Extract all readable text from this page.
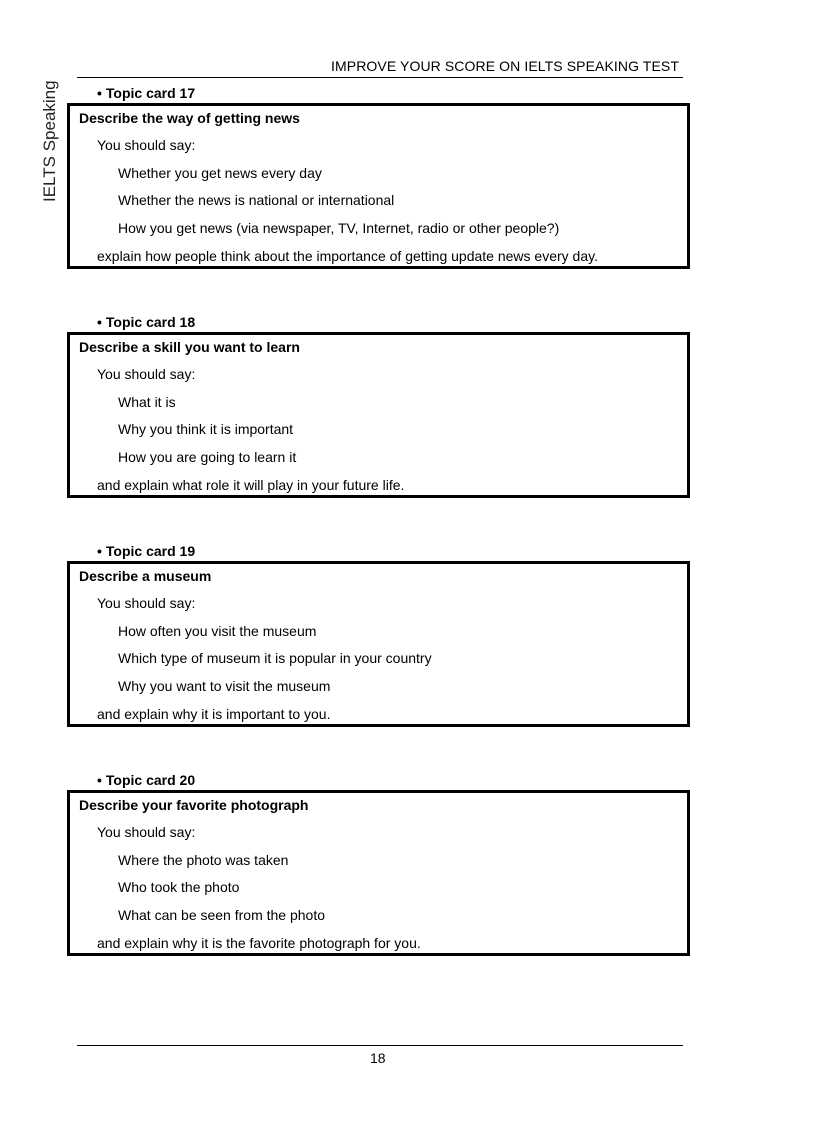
IMPROVE YOUR SCORE ON IELTS SPEAKING TEST
IELTS Speaking	• Topic card 17
Describe the way of getting news
You should say:
Whether you get news every day
Whether the news is national or international
How you get news (via newspaper, TV, Internet, radio or other people?)
explain how people think about the importance of getting update news every day.
• Topic card 18
Describe a skill you want to learn
You should say:
What it is
Why you think it is important
How you are going to learn it
and explain what role it will play in your future life.
• Topic card 19
Describe a museum
You should say:
How often you visit the museum
Which type of museum it is popular in your country
Why you want to visit the museum
and explain why it is important to you.
• Topic card 20
Describe your favorite photograph
You should say:
Where the photo was taken
Who took the photo
What can be seen from the photo
and explain why it is the favorite photograph for you.
18
